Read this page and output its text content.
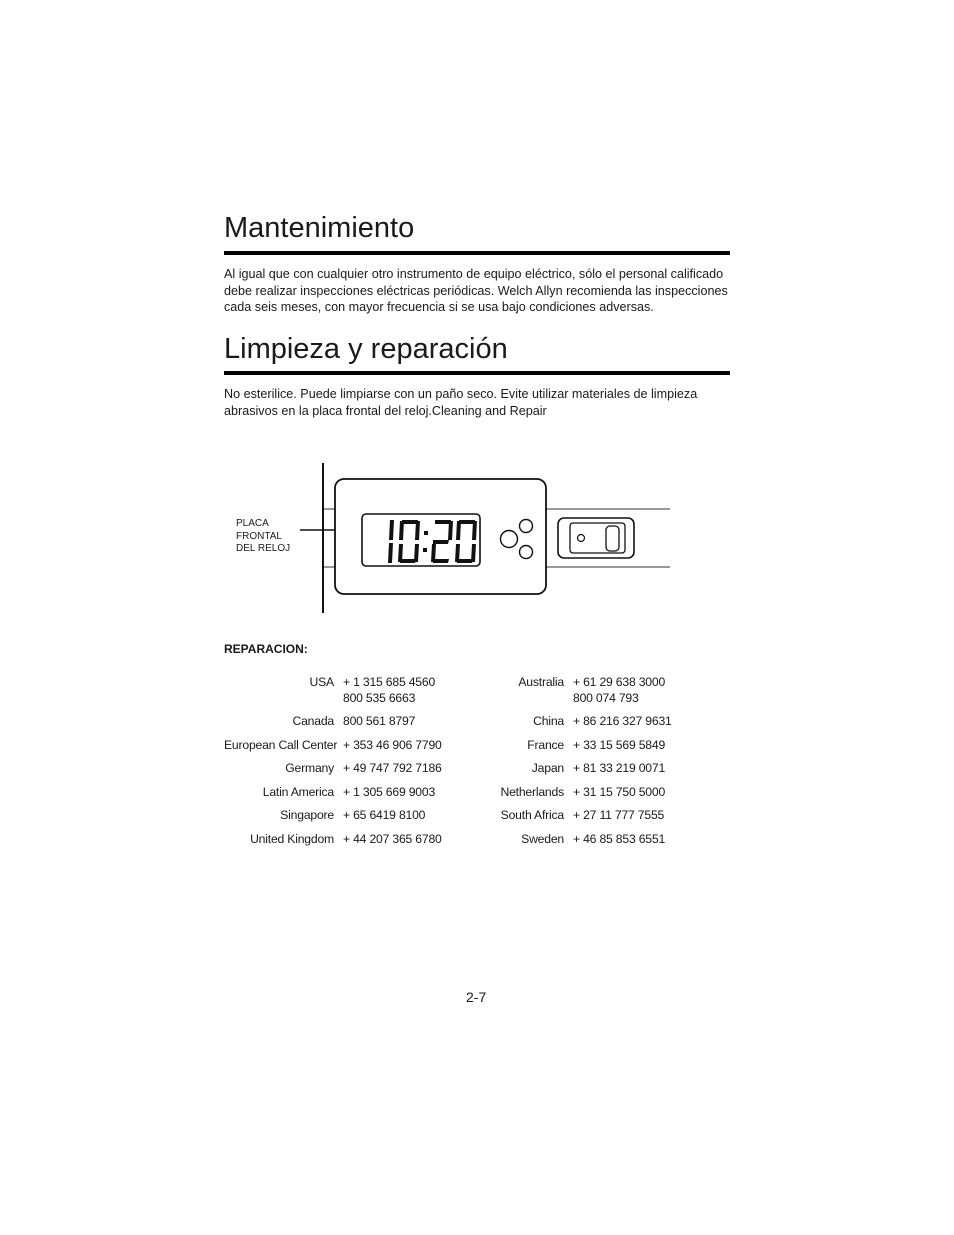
Mantenimiento

Al igual que con cualquier otro instrumento de equipo eléctrico, sólo el personal calificado debe realizar inspecciones eléctricas periódicas. Welch Allyn recomienda las inspecciones cada seis meses, con mayor frecuencia si se usa bajo condiciones adversas.

Limpieza y reparación

No esterilice. Puede limpiarse con un paño seco. Evite utilizar materiales de limpieza abrasivos en la placa frontal del reloj.Cleaning and Repair

PLACA
FRONTAL
DEL RELOJ
REPARACION:
USA + 1 315 685 4560
800 535 6663
Canada 800 561 8797
European Call Center + 353 46 906 7790
Germany + 49 747 792 7186
Latin America + 1 305 669 9003
Singapore + 65 6419 8100
United Kingdom + 44 207 365 6780
Australia + 61 29 638 3000
800 074 793
China + 86 216 327 9631
France + 33 15 569 5849
Japan + 81 33 219 0071
Netherlands + 31 15 750 5000
South Africa + 27 11 777 7555
Sweden + 46 85 853 6551
2-7
